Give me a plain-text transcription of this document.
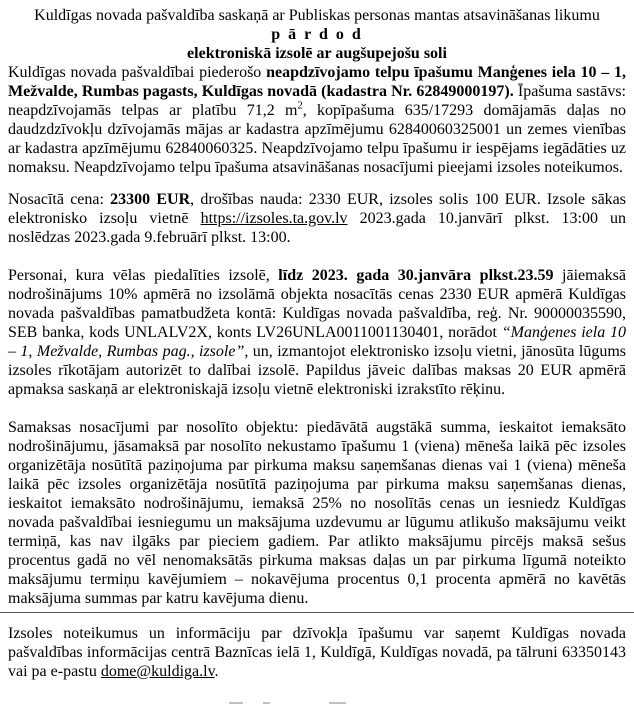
Kuldīgas novada pašvaldība saskaņā ar Publiskas personas mantas atsavināšanas likumu
p ā r d o d
elektroniskā izsolē ar augšupejošu soli

Kuldīgas novada pašvaldībai piederošo neapdzīvojamo telpu īpašumu Manģenes iela 10 – 1, Mežvalde, Rumbas pagasts, Kuldīgas novadā (kadastra Nr. 62849000197). Īpašuma sastāvs: neapdzīvojamās telpas ar platību 71,2 $m^2$, kopīpašuma 635/17293 domājamās daļas no daudzdzīvokļu dzīvojamās mājas ar kadastra apzīmējumu 62840060325001 un zemes vienības ar kadastra apzīmējumu 62840060325. Neapdzīvojamo telpu īpašumu ir iespējams iegādāties uz nomaksu. Neapdzīvojamo telpu īpašuma atsavināšanas nosacījumi pieejami izsoles noteikumos.

Nosacītā cena: 23300 EUR, drošības nauda: 2330 EUR, izsoles solis 100 EUR. Izsole sākas elektronisko izsoļu vietnē https://izsoles.ta.gov.lv 2023.gada 10.janvārī plkst. 13:00 un noslēdzas 2023.gada 9.februārī plkst. 13:00.

Personai, kura vēlas piedalīties izsolē, līdz 2023. gada 30.janvāra plkst.23.59 jāiemaksā nodrošinājums 10% apmērā no izsolāmā objekta nosacītās cenas 2330 EUR apmērā Kuldīgas novada pašvaldības pamatbudžeta kontā: Kuldīgas novada pašvaldība, reģ. Nr. 90000035590, SEB banka, kods UNLALV2X, konts LV26UNLA0011001130401, norādot “Manģenes iela 10 – 1, Mežvalde, Rumbas pag., izsole”, un, izmantojot elektronisko izsoļu vietni, jānosūta lūgums izsoles rīkotājam autorizēt to dalībai izsolē. Papildus jāveic dalības maksas 20 EUR apmērā apmaksa saskaņā ar elektroniskajā izsoļu vietnē elektroniski izrakstīto rēķinu.

Samaksas nosacījumi par nosolīto objektu: piedāvātā augstākā summa, ieskaitot iemaksāto nodrošinājumu, jāsamaksā par nosolīto nekustamo īpašumu 1 (viena) mēneša laikā pēc izsoles organizētāja nosūtītā paziņojuma par pirkuma maksu saņemšanas dienas vai 1 (viena) mēneša laikā pēc izsoles organizētāja nosūtītā paziņojuma par pirkuma maksu saņemšanas dienas, ieskaitot iemaksāto nodrošinājumu, iemaksā 25% no nosolītās cenas un iesniedz Kuldīgas novada pašvaldībai iesniegumu un maksājuma uzdevumu ar lūgumu atlikušo maksājumu veikt termiņā, kas nav ilgāks par pieciem gadiem. Par atlikto maksājumu pircējs maksā sešus procentus gadā no vēl nenomaksātās pirkuma maksas daļas un par pirkuma līgumā noteikto maksājumu termiņu kavējumiem – nokavējuma procentus 0,1 procenta apmērā no kavētās maksājuma summas par katru kavējuma dienu.

Izsoles noteikumus un informāciju par dzīvokļa īpašumu var saņemt Kuldīgas novada pašvaldības informācijas centrā Baznīcas ielā 1, Kuldīgā, Kuldīgas novadā, pa tālruni 63350143 vai pa e-pastu dome@kuldiga.lv.
